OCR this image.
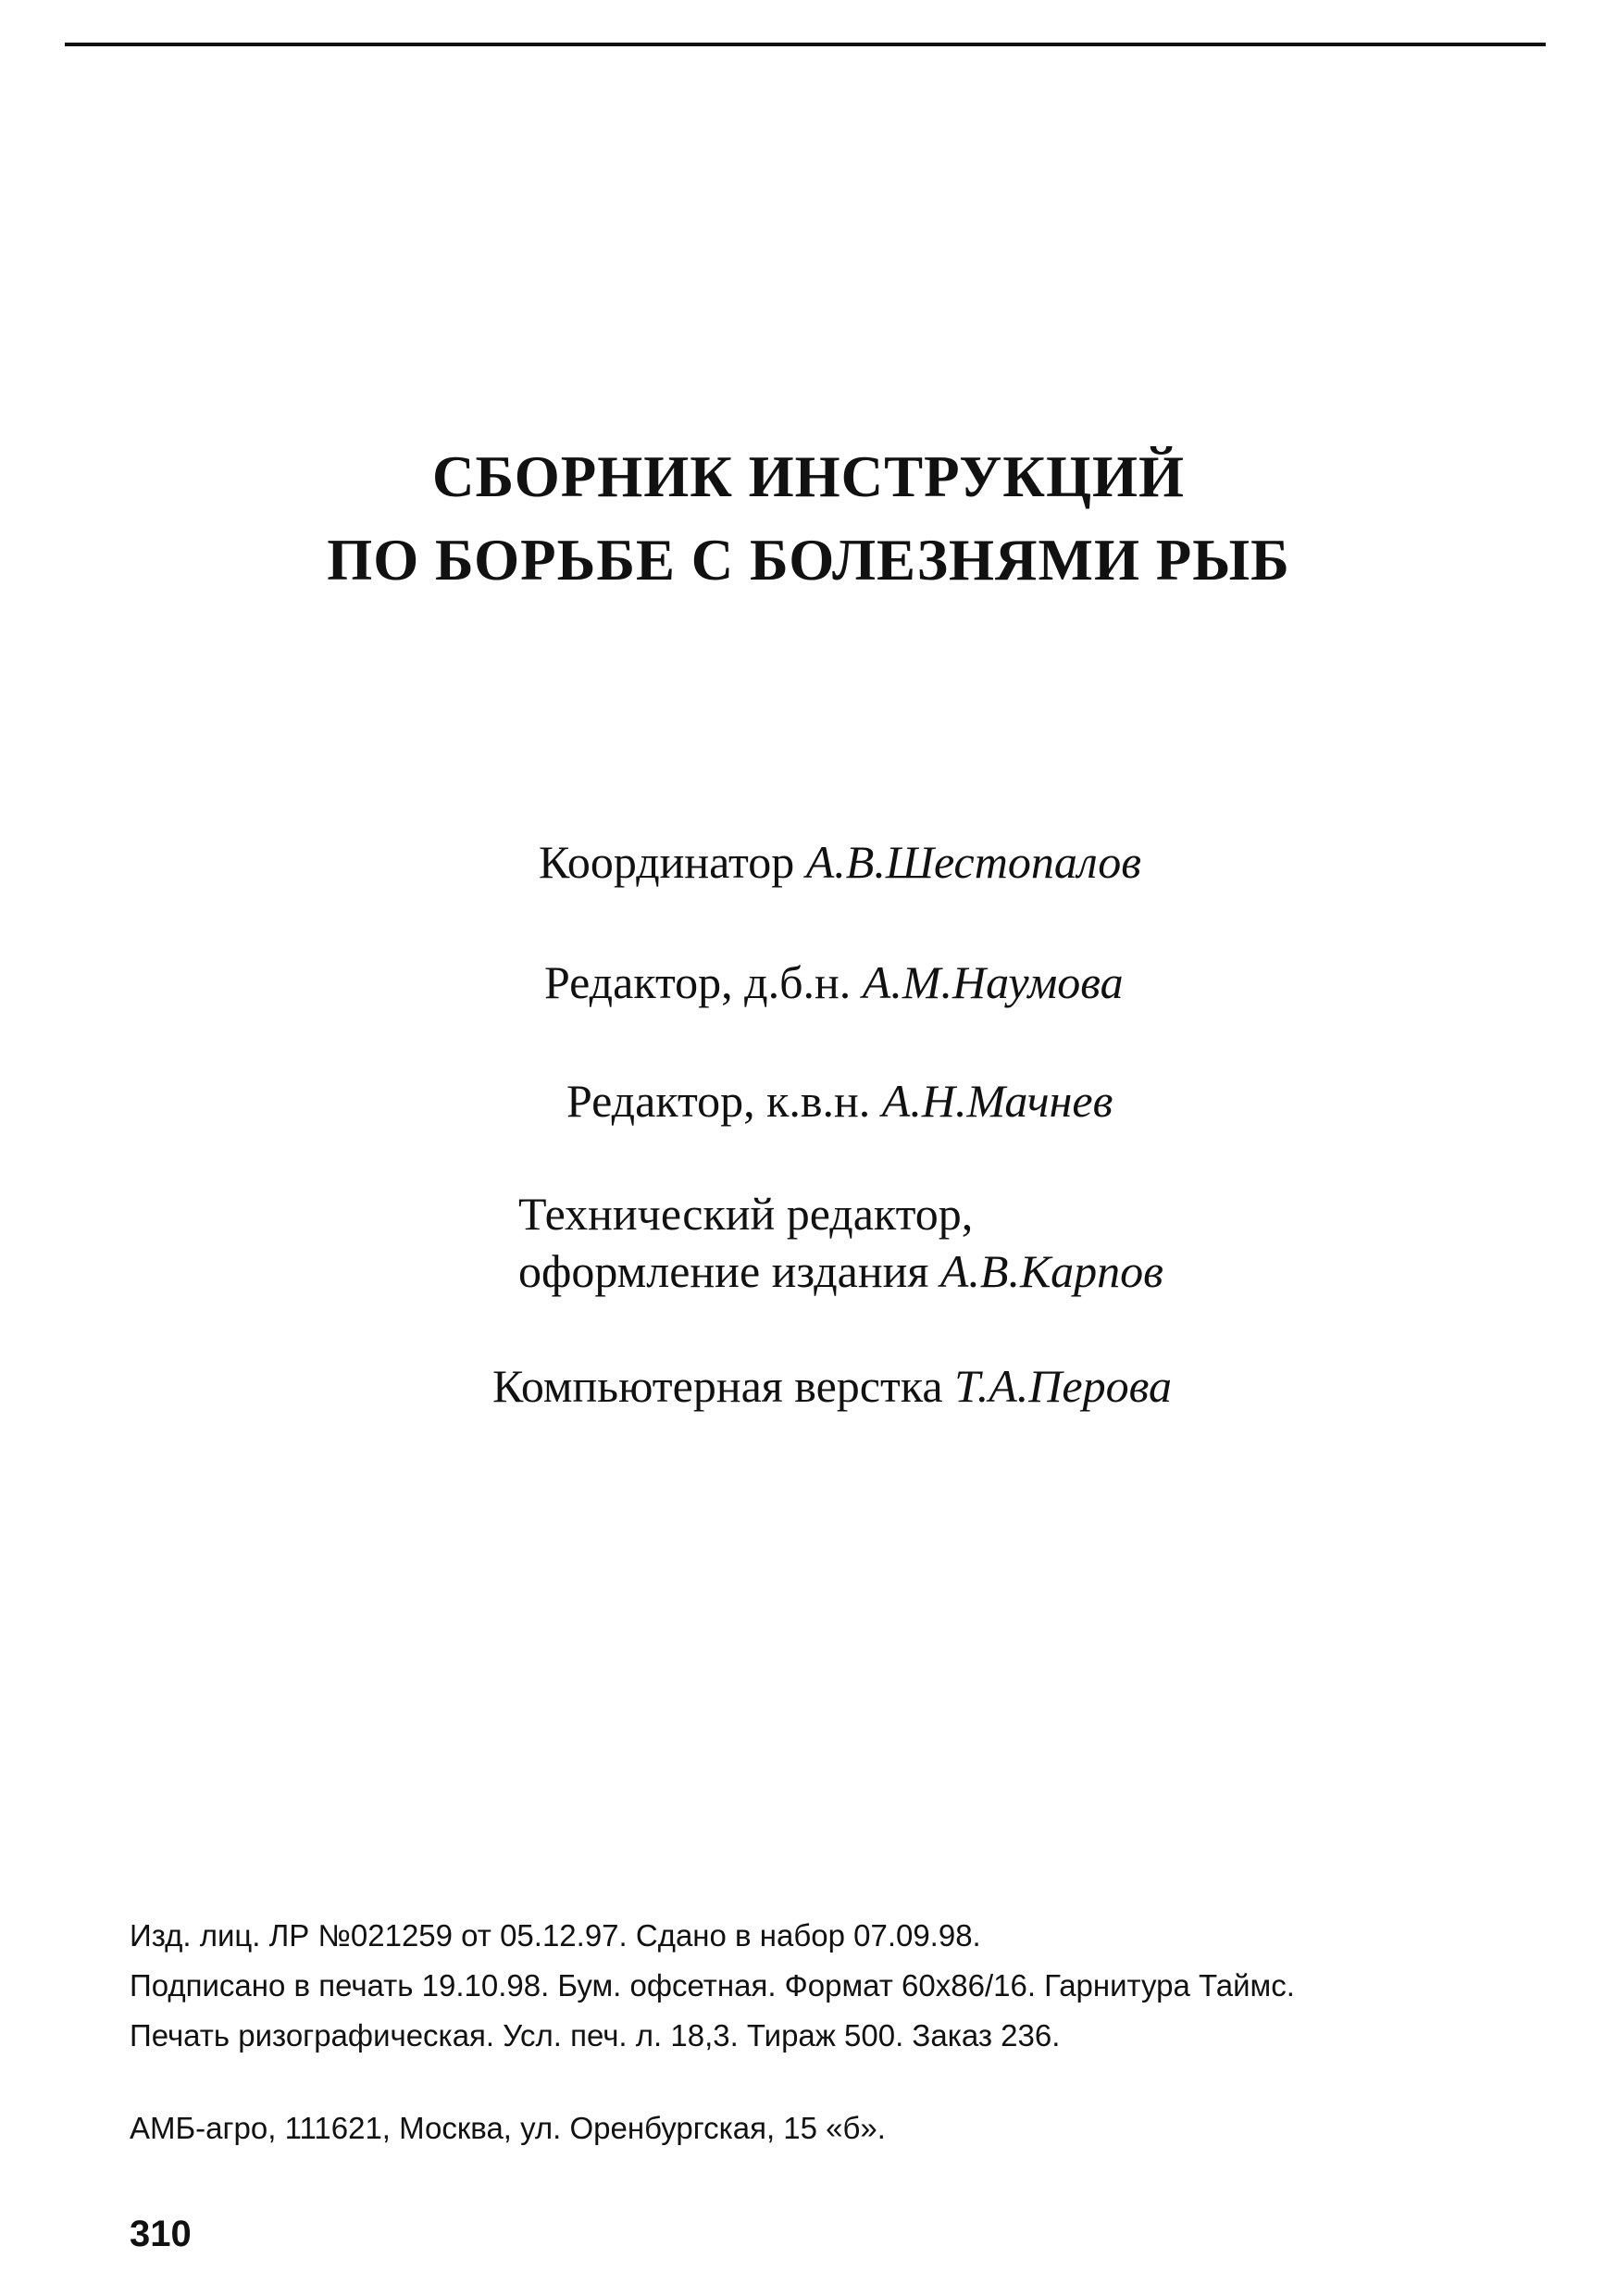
СБОРНИК ИНСТРУКЦИЙ
ПО БОРЬБЕ С БОЛЕЗНЯМИ РЫБ
Координатор А.В.Шестопалов
Редактор, д.б.н. А.М.Наумова
Редактор, к.в.н. А.Н.Мачнев
Технический редактор,
оформление издания А.В.Карпов
Компьютерная верстка Т.А.Перова
Изд. лиц. ЛР №021259 от 05.12.97. Сдано в набор 07.09.98.
Подписано в печать 19.10.98. Бум. офсетная. Формат 60х86/16. Гарнитура Таймс.
Печать ризографическая. Усл. печ. л. 18,3. Тираж 500. Заказ 236.
АМБ-агро, 111621, Москва, ул. Оренбургская, 15 «б».
310
